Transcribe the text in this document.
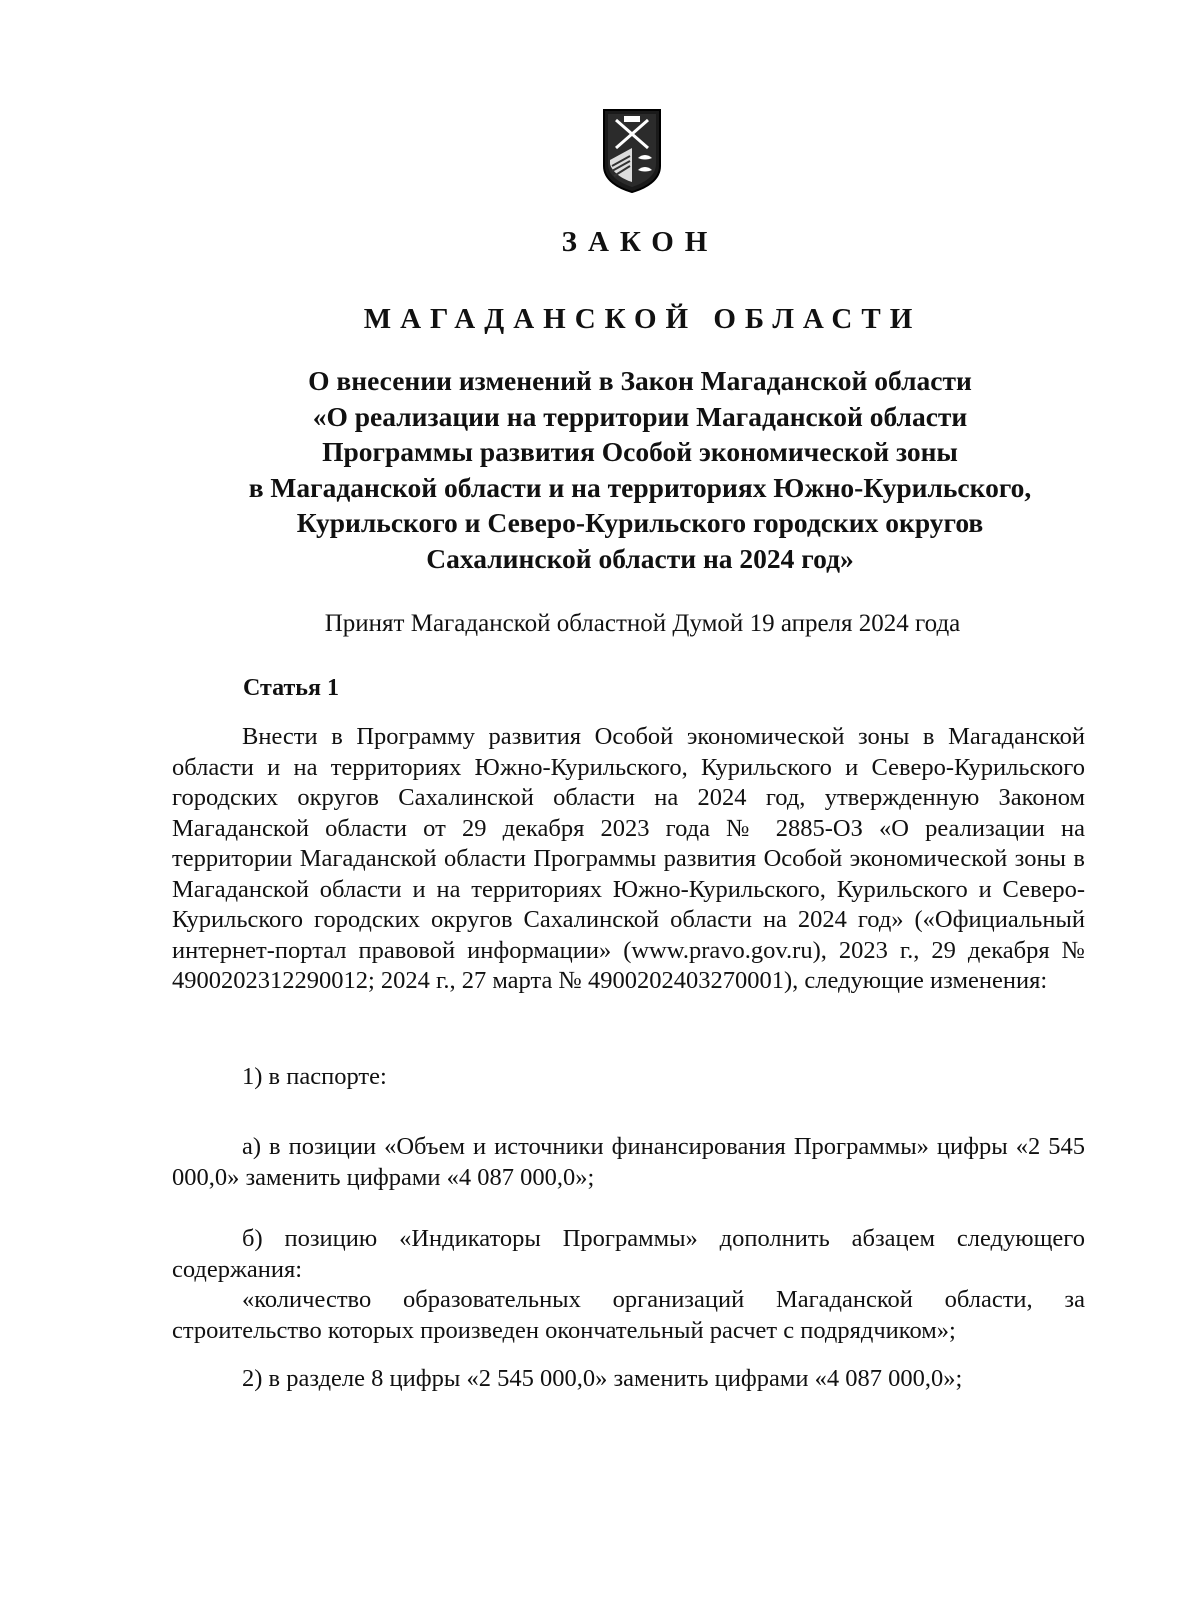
ЗАКОН
МАГАДАНСКОЙ ОБЛАСТИ
О внесении изменений в Закон Магаданской области
«О реализации на территории Магаданской области
Программы развития Особой экономической зоны
в Магаданской области и на территориях Южно-Курильского,
Курильского и Северо-Курильского городских округов
Сахалинской области на 2024 год»
Принят Магаданской областной Думой 19 апреля 2024 года
Статья 1
Внести в Программу развития Особой экономической зоны в Магаданской области и на территориях Южно-Курильского, Курильского и Северо-Курильского городских округов Сахалинской области на 2024 год, утвержденную Законом Магаданской области от 29 декабря 2023 года № 2885-ОЗ «О реализации на территории Магаданской области Программы развития Особой экономической зоны в Магаданской области и на территориях Южно-Курильского, Курильского и Северо-Курильского городских округов Сахалинской области на 2024 год» («Официальный интернет-портал правовой информации» (www.pravo.gov.ru), 2023 г., 29 декабря № 4900202312290012; 2024 г., 27 марта № 4900202403270001), следующие изменения:
1) в паспорте:
а) в позиции «Объем и источники финансирования Программы» цифры «2 545 000,0» заменить цифрами «4 087 000,0»;
б) позицию «Индикаторы Программы» дополнить абзацем следующего содержания:
«количество образовательных организаций Магаданской области, за строительство которых произведен окончательный расчет с подрядчиком»;
2) в разделе 8 цифры «2 545 000,0» заменить цифрами «4 087 000,0»;
